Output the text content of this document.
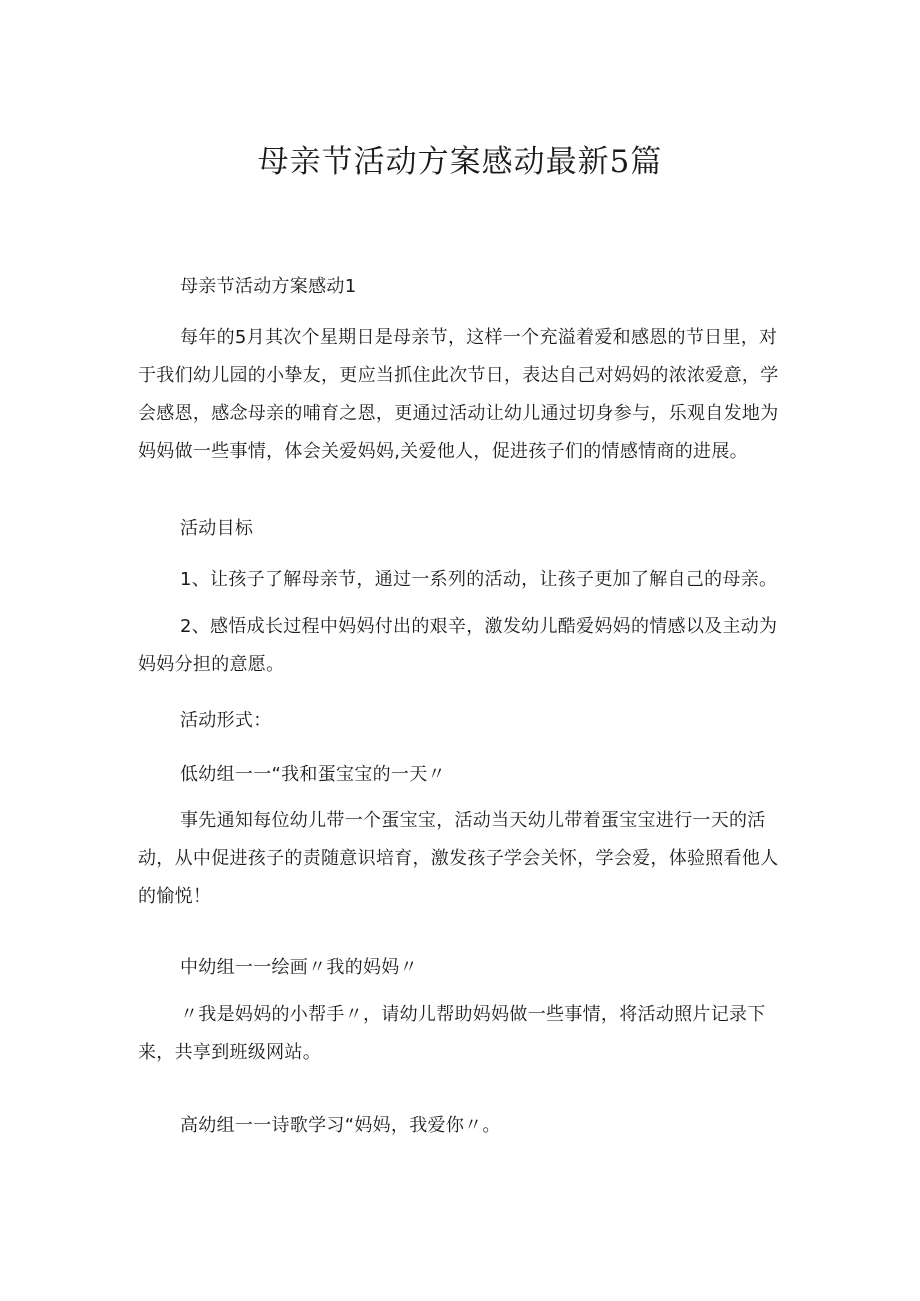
母亲节活动方案感动最新5篇

母亲节活动方案感动1

每年的5月其次个星期日是母亲节，这样一个充溢着爱和感恩的节日里，对于我们幼儿园的小挚友，更应当抓住此次节日，表达自己对妈妈的浓浓爱意，学会感恩，感念母亲的哺育之恩，更通过活动让幼儿通过切身参与，乐观自发地为妈妈做一些事情，体会关爱妈妈,关爱他人，促进孩子们的情感情商的进展。

活动目标

1、让孩子了解母亲节，通过一系列的活动，让孩子更加了解自己的母亲。

2、感悟成长过程中妈妈付出的艰辛，激发幼儿酷爱妈妈的情感以及主动为妈妈分担的意愿。

活动形式：

低幼组一一“我和蛋宝宝的一天〃

事先通知每位幼儿带一个蛋宝宝，活动当天幼儿带着蛋宝宝进行一天的活动，从中促进孩子的责随意识培育，激发孩子学会关怀，学会爱，体验照看他人的愉悦！

中幼组一一绘画〃我的妈妈〃

〃我是妈妈的小帮手〃，请幼儿帮助妈妈做一些事情，将活动照片记录下来，共享到班级网站。

高幼组一一诗歌学习“妈妈，我爱你〃。
